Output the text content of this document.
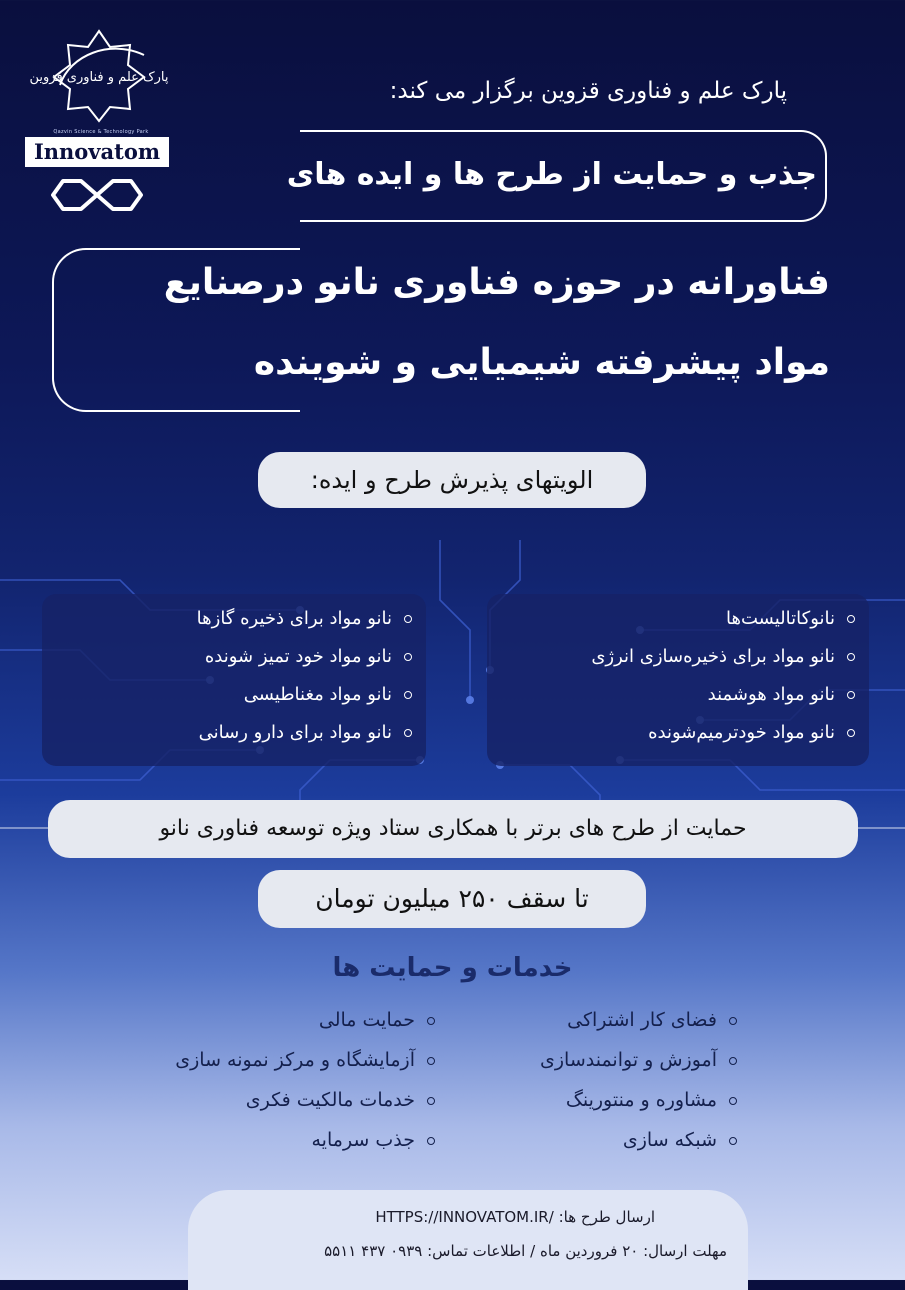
پارک علم و فناوری قزوین
Qazvin Science & Technology Park
Innovatom
پارک علم و فناوری قزوین برگزار می کند:
جذب و حمایت از طرح ها و ایده های
فناورانه در حوزه فناوری نانو درصنایع
مواد پیشرفته شیمیایی و شوینده
الویتهای پذیرش طرح و ایده:
نانوکاتالیست‌ها
نانو مواد برای ذخیره‌سازی انرژی
نانو مواد هوشمند
نانو مواد خودترمیم‌شونده
نانو مواد برای ذخیره گازها
نانو مواد خود تمیز شونده
نانو مواد مغناطیسی
نانو مواد برای دارو رسانی
حمایت از طرح های برتر با همکاری ستاد ویژه توسعه فناوری نانو
تا سقف ۲۵۰ میلیون تومان
خدمات و حمایت ها
فضای کار اشتراکی
آموزش و توانمندسازی
مشاوره و منتورینگ
شبکه سازی
حمایت مالی
آزمایشگاه و مرکز نمونه سازی
خدمات مالکیت فکری
جذب سرمایه
ارسال طرح ها: HTTPS://INNOVATOM.IR/
مهلت ارسال: ۲۰ فروردین ماه / اطلاعات تماس: ۰۹۳۹ ۴۳۷ ۵۵۱۱
